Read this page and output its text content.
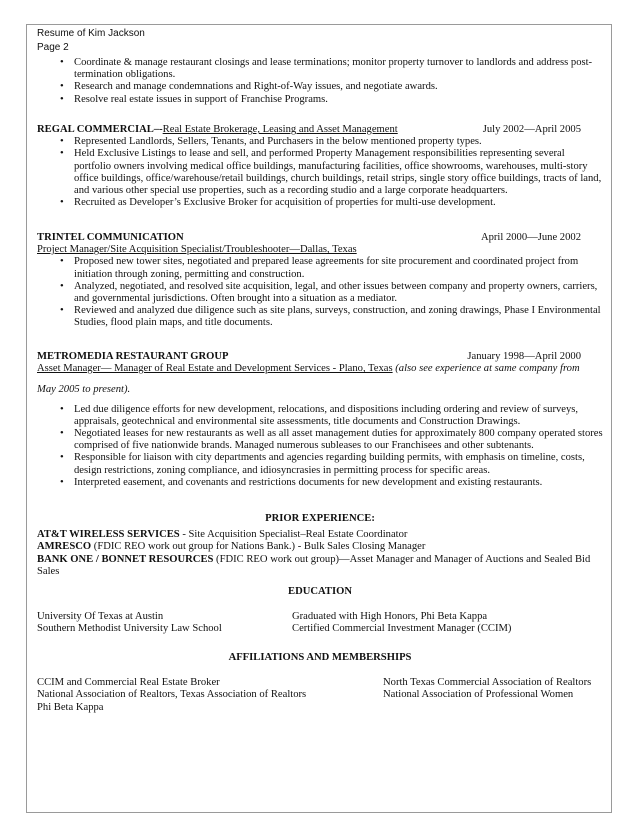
Resume of Kim Jackson
Page 2
• Coordinate & manage restaurant closings and lease terminations; monitor property turnover to landlords and address post-termination obligations.
• Research and manage condemnations and Right-of-Way issues, and negotiate awards.
• Resolve real estate issues in support of Franchise Programs.
REGAL COMMERCIAL–-Real Estate Brokerage, Leasing and Asset Management	July 2002—April 2005
• Represented Landlords, Sellers, Tenants, and Purchasers in the below mentioned property types.
• Held Exclusive Listings to lease and sell, and performed Property Management responsibilities representing several portfolio owners involving medical office buildings, manufacturing facilities, office showrooms, warehouses, multi-story office buildings, office/warehouse/retail buildings, church buildings, retail strips, single story office buildings, tracts of land, and various other special use properties, such as a recording studio and a large corporate headquarters.
• Recruited as Developer’s Exclusive Broker for acquisition of properties for multi-use development.
TRINTEL COMMUNICATION	April 2000—June 2002
Project Manager/Site Acquisition Specialist/Troubleshooter—Dallas, Texas
• Proposed new tower sites, negotiated and prepared lease agreements for site procurement and coordinated project from initiation through zoning, permitting and construction.
• Analyzed, negotiated, and resolved site acquisition, legal, and other issues between company and property owners, carriers, and governmental jurisdictions. Often brought into a situation as a mediator.
• Reviewed and analyzed due diligence such as site plans, surveys, construction, and zoning drawings, Phase I Environmental Studies, flood plain maps, and title documents.
METROMEDIA RESTAURANT GROUP	January 1998—April 2000
Asset Manager— Manager of Real Estate and Development Services - Plano, Texas (also see experience at same company from
May 2005 to present).
• Led due diligence efforts for new development, relocations, and dispositions including ordering and review of surveys, appraisals, geotechnical and environmental site assessments, title documents and Construction Drawings.
• Negotiated leases for new restaurants as well as all asset management duties for approximately 800 company operated stores comprised of five nationwide brands. Managed numerous subleases to our Franchisees and other subtenants.
• Responsible for liaison with city departments and agencies regarding building permits, with emphasis on timeline, costs, design restrictions, zoning compliance, and idiosyncrasies in permitting process for specific areas.
• Interpreted easement, and covenants and restrictions documents for new development and existing restaurants.
PRIOR EXPERIENCE:
AT&T WIRELESS SERVICES - Site Acquisition Specialist–Real Estate Coordinator
AMRESCO (FDIC REO work out group for Nations Bank.) - Bulk Sales Closing Manager
BANK ONE / BONNET RESOURCES (FDIC REO work out group)—Asset Manager and Manager of Auctions and Sealed Bid Sales
EDUCATION
University Of Texas at Austin	Graduated with High Honors, Phi Beta Kappa
Southern Methodist University Law School	Certified Commercial Investment Manager (CCIM)
AFFILIATIONS AND MEMBERSHIPS
CCIM and Commercial Real Estate Broker	North Texas Commercial Association of Realtors
National Association of Realtors, Texas Association of Realtors	National Association of Professional Women
Phi Beta Kappa
